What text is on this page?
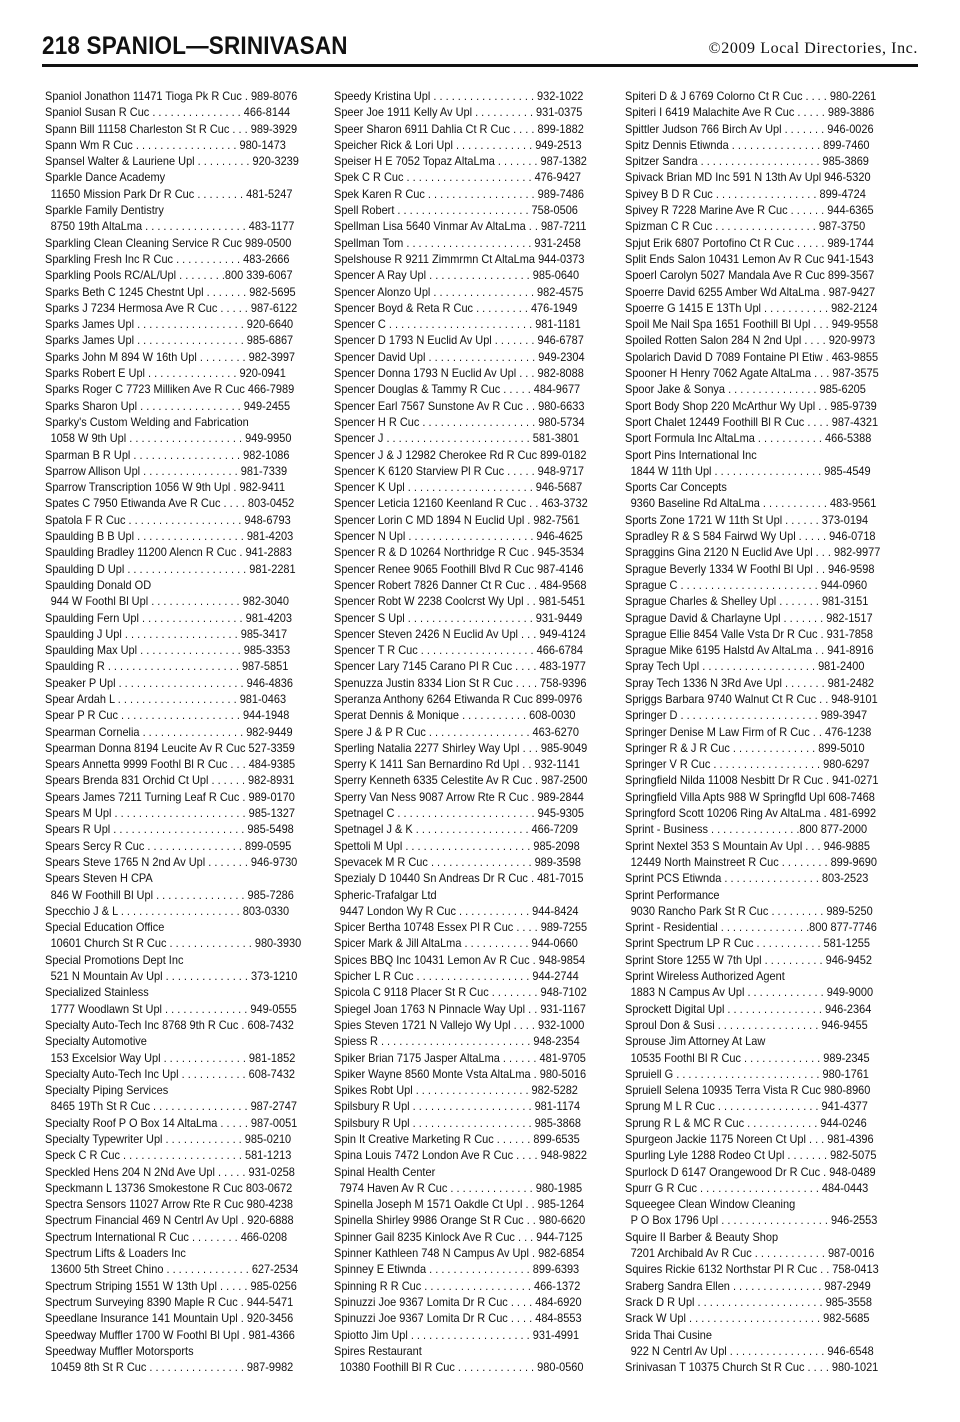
218 SPANIOL—SRINIVASAN	©2009 Local Directories, Inc.
Spaniol Jonathon 11471 Tioga Pk R Cuc . 989-8076
Spaniol Susan R Cuc . . . . . . . . . . . . . . . 466-8144
Spann Bill 11158 Charleston St R Cuc . . . 989-3929
Spann Wm R Cuc . . . . . . . . . . . . . . . . . 980-1473
Spansel Walter & Lauriene Upl . . . . . . . . . 920-3239
Sparkle Dance Academy
11650 Mission Park Dr R Cuc . . . . . . . . 481-5247
Sparkle Family Dentistry
8750 19th AltaLma . . . . . . . . . . . . . . . . . 483-1177
Sparkling Clean Cleaning Service R Cuc 989-0500
Sparkling Fresh Inc R Cuc . . . . . . . . . . . 483-2666
Sparkling Pools RC/AL/Upl . . . . . . . .800 339-6067
Sparks Beth C 1245 Chestnt Upl . . . . . . . 982-5695
Sparks J 7234 Hermosa Ave R Cuc . . . . . 987-6122
Sparks James Upl . . . . . . . . . . . . . . . . . . 920-6640
Sparks James Upl . . . . . . . . . . . . . . . . . . 985-6867
Sparks John M 894 W 16th Upl . . . . . . . . 982-3997
Sparks Robert E Upl . . . . . . . . . . . . . . . 920-0941
Sparks Roger C 7723 Milliken Ave R Cuc 466-7989
Sparks Sharon Upl . . . . . . . . . . . . . . . . . 949-2455
Sparky's Custom Welding and Fabrication
1058 W 9th Upl . . . . . . . . . . . . . . . . . . . 949-9950
Sparman B R Upl . . . . . . . . . . . . . . . . . . 982-1086
Sparrow Allison Upl . . . . . . . . . . . . . . . . 981-7339
Sparrow Transcription 1056 W 9th Upl . 982-9411
Spates C 7950 Etiwanda Ave R Cuc . . . . 803-0452
Spatola F R Cuc . . . . . . . . . . . . . . . . . . . 948-6793
Spaulding B B Upl . . . . . . . . . . . . . . . . . . 981-4203
Spaulding Bradley 11200 Alencn R Cuc . 941-2883
Spaulding D Upl . . . . . . . . . . . . . . . . . . . . 981-2281
Spaulding Donald OD
944 W Foothl Bl Upl . . . . . . . . . . . . . . . 982-3040
Spaulding Fern Upl . . . . . . . . . . . . . . . . . 981-4203
Spaulding J Upl . . . . . . . . . . . . . . . . . . . 985-3417
Spaulding Max Upl . . . . . . . . . . . . . . . . . 985-3353
Spaulding R . . . . . . . . . . . . . . . . . . . . . . 987-5851
Speaker P Upl . . . . . . . . . . . . . . . . . . . . . 946-4836
Spear Ardah L . . . . . . . . . . . . . . . . . . . . 981-0463
Spear P R Cuc . . . . . . . . . . . . . . . . . . . . 944-1948
Spearman Cornelia . . . . . . . . . . . . . . . . . 982-9449
Spearman Donna 8194 Leucite Av R Cuc 527-3359
Spears Annetta 9999 Foothl Bl R Cuc . . . 484-9385
Spears Brenda 831 Orchid Ct Upl . . . . . . 982-8931
Spears James 7211 Turning Leaf R Cuc . 989-0170
Spears M Upl . . . . . . . . . . . . . . . . . . . . . . 985-1327
Spears R Upl . . . . . . . . . . . . . . . . . . . . . . 985-5498
Spears Sercy R Cuc . . . . . . . . . . . . . . . . 899-0595
Spears Steve 1765 N 2nd Av Upl . . . . . . . 946-9730
Spears Steven H CPA
846 W Foothill Bl Upl . . . . . . . . . . . . . . . 985-7286
Specchio J & L . . . . . . . . . . . . . . . . . . . . 803-0330
Special Education Office
10601 Church St R Cuc . . . . . . . . . . . . . . 980-3930
Special Promotions Dept Inc
521 N Mountain Av Upl . . . . . . . . . . . . . . 373-1210
Specialized Stainless
1777 Woodlawn St Upl . . . . . . . . . . . . . . 949-0555
Specialty Auto-Tech Inc 8768 9th R Cuc . 608-7432
Specialty Automotive
153 Excelsior Way Upl . . . . . . . . . . . . . . 981-1852
Specialty Auto-Tech Inc Upl . . . . . . . . . . . 608-7432
Specialty Piping Services
8465 19Th St R Cuc . . . . . . . . . . . . . . . . 987-2747
Specialty Roof P O Box 14 AltaLma . . . . . 987-0051
Specialty Typewriter Upl . . . . . . . . . . . . . 985-0210
Speck C R Cuc . . . . . . . . . . . . . . . . . . . . 581-1213
Speckled Hens 204 N 2Nd Ave Upl . . . . . 931-0258
Speckmann L 13736 Smokestone R Cuc 803-0672
Spectra Sensors 11027 Arrow Rte R Cuc 980-4238
Spectrum Financial 469 N Centrl Av Upl . 920-6888
Spectrum International R Cuc . . . . . . . . 466-0208
Spectrum Lifts & Loaders Inc
13600 5th Street Chino . . . . . . . . . . . . . . 627-2534
Spectrum Striping 1551 W 13th Upl . . . . . 985-0256
Spectrum Surveying 8390 Maple R Cuc . 944-5471
Speedlane Insurance 141 Mountain Upl . 920-3456
Speedway Muffler 1700 W Foothl Bl Upl . 981-4366
Speedway Muffler Motorsports
10459 8th St R Cuc . . . . . . . . . . . . . . . . 987-9982
Speedy Kristina Upl . . . . . . . . . . . . . . . . . 932-1022
Speer Joe 1911 Kelly Av Upl . . . . . . . . . . 931-0375
Speer Sharon 6911 Dahlia Ct R Cuc . . . . 899-1882
Speicher Rick & Lori Upl . . . . . . . . . . . . . 949-2513
Speiser H E 7052 Topaz AltaLma . . . . . . . 987-1382
Spek C R Cuc . . . . . . . . . . . . . . . . . . . . . 476-9427
Spek Karen R Cuc . . . . . . . . . . . . . . . . . . 989-7486
Spell Robert . . . . . . . . . . . . . . . . . . . . . . 758-0506
Spellman Lisa 5640 Vinmar Av AltaLma . . 987-7211
Spellman Tom . . . . . . . . . . . . . . . . . . . . . 931-2458
Spelshouse R 9211 Zimmrmn Ct AltaLma 944-0373
Spencer A Ray Upl . . . . . . . . . . . . . . . . . 985-0640
Spencer Alonzo Upl . . . . . . . . . . . . . . . . . 982-4575
Spencer Boyd & Reta R Cuc . . . . . . . . . 476-1949
Spencer C . . . . . . . . . . . . . . . . . . . . . . . . 981-1181
Spencer D 1793 N Euclid Av Upl . . . . . . . 946-6787
Spencer David Upl . . . . . . . . . . . . . . . . . . 949-2304
Spencer Donna 1793 N Euclid Av Upl . . . 982-8088
Spencer Douglas & Tammy R Cuc . . . . . 484-9677
Spencer Earl 7567 Sunstone Av R Cuc . . 980-6633
Spencer H R Cuc . . . . . . . . . . . . . . . . . . . 980-5734
Spencer J . . . . . . . . . . . . . . . . . . . . . . . . 581-3801
Spencer J & J 12982 Cherokee Rd R Cuc 899-0182
Spencer K 6120 Starview Pl R Cuc . . . . . 948-9717
Spencer K Upl . . . . . . . . . . . . . . . . . . . . . 946-5687
Spencer Leticia 12160 Keenland R Cuc . . 463-3732
Spencer Lorin C MD 1894 N Euclid Upl . 982-7561
Spencer N Upl . . . . . . . . . . . . . . . . . . . . . 946-4625
Spencer R & D 10264 Northridge R Cuc . 945-3534
Spencer Renee 9065 Foothill Blvd R Cuc 987-4146
Spencer Robert 7826 Danner Ct R Cuc . . 484-9568
Spencer Robt W 2238 Coolcrst Wy Upl . . 981-5451
Spencer S Upl . . . . . . . . . . . . . . . . . . . . . 931-9449
Spencer Steven 2426 N Euclid Av Upl . . . 949-4124
Spencer T R Cuc . . . . . . . . . . . . . . . . . . . 466-6784
Spencer Lary 7145 Carano Pl R Cuc . . . . 483-1977
Spenuzza Justin 8334 Lion St R Cuc . . . . 758-9396
Speranza Anthony 6264 Etiwanda R Cuc 899-0976
Sperat Dennis & Monique . . . . . . . . . . . 608-0030
Spere J & P R Cuc . . . . . . . . . . . . . . . . . 463-6270
Sperling Natalia 2277 Shirley Way Upl . . . 985-9049
Sperry K 1411 San Bernardino Rd Upl . . 932-1141
Sperry Kenneth 6335 Celestite Av R Cuc . 987-2500
Sperry Van Ness 9087 Arrow Rte R Cuc . 989-2844
Spetnagel C . . . . . . . . . . . . . . . . . . . . . . . 945-9305
Spetnagel J & K . . . . . . . . . . . . . . . . . . . 466-7209
Spettoli M Upl . . . . . . . . . . . . . . . . . . . . . 985-2098
Spevacek M R Cuc . . . . . . . . . . . . . . . . . 989-3598
Spezialy D 10440 Sn Andreas Dr R Cuc . 481-7015
Spheric-Trafalgar Ltd
9447 London Wy R Cuc . . . . . . . . . . . . 944-8424
Spicer Bertha 10748 Essex Pl R Cuc . . . . 989-7255
Spicer Mark & Jill AltaLma . . . . . . . . . . . 944-0660
Spices BBQ Inc 10431 Lemon Av R Cuc . 948-9854
Spicher L R Cuc . . . . . . . . . . . . . . . . . . . 944-2744
Spicola C 9118 Placer St R Cuc . . . . . . . . 948-7102
Spiegel Joan 1763 N Pinnacle Way Upl . . 931-1167
Spies Steven 1721 N Vallejo Wy Upl . . . . 932-1000
Spiess R . . . . . . . . . . . . . . . . . . . . . . . . . 948-2354
Spiker Brian 7175 Jasper AltaLma . . . . . . 481-9705
Spiker Wayne 8560 Monte Vsta AltaLma . 980-5016
Spikes Robt Upl . . . . . . . . . . . . . . . . . . . 982-5282
Spilsbury R Upl . . . . . . . . . . . . . . . . . . . . 981-1174
Spilsbury R Upl . . . . . . . . . . . . . . . . . . . . 985-3868
Spin It Creative Marketing R Cuc . . . . . . 899-6535
Spina Louis 7472 London Ave R Cuc . . . . 948-9822
Spinal Health Center
7974 Haven Av R Cuc . . . . . . . . . . . . . . 980-1985
Spinella Joseph M 1571 Oakdle Ct Upl . . 985-1264
Spinella Shirley 9986 Orange St R Cuc . . 980-6620
Spinner Gail 8235 Kinlock Ave R Cuc . . . 944-7125
Spinner Kathleen 748 N Campus Av Upl . 982-6854
Spinney E Etiwnda . . . . . . . . . . . . . . . . . 899-6393
Spinning R R Cuc . . . . . . . . . . . . . . . . . . 466-1372
Spinuzzi Joe 9367 Lomita Dr R Cuc . . . . 484-6920
Spinuzzi Joe 9367 Lomita Dr R Cuc . . . . 484-8553
Spiotto Jim Upl . . . . . . . . . . . . . . . . . . . . 931-4991
Spires Restaurant
10380 Foothill Bl R Cuc . . . . . . . . . . . . . 980-0560
Spiteri D & J 6769 Colorno Ct R Cuc . . . . 980-2261
Spiteri I 6419 Malachite Ave R Cuc . . . . . 989-3886
Spittler Judson 766 Birch Av Upl . . . . . . . 946-0026
Spitz Dennis Etiwnda . . . . . . . . . . . . . . . 899-7460
Spitzer Sandra . . . . . . . . . . . . . . . . . . . . 985-3869
Spivack Brian MD Inc 591 N 13th Av Upl 946-5320
Spivey B D R Cuc . . . . . . . . . . . . . . . . . 899-4724
Spivey R 7228 Marine Ave R Cuc . . . . . . 944-6365
Spizman C R Cuc . . . . . . . . . . . . . . . . . 987-3750
Spjut Erik 6807 Portofino Ct R Cuc . . . . . 989-1744
Split Ends Salon 10431 Lemon Av R Cuc 941-1543
Spoerl Carolyn 5027 Mandala Ave R Cuc 899-3567
Spoerre David 6255 Amber Wd AltaLma . 987-9427
Spoerre G 1415 E 13Th Upl . . . . . . . . . . . 982-2124
Spoil Me Nail Spa 1651 Foothill Bl Upl . . . 949-9558
Spoiled Rotten Salon 284 N 2nd Upl . . . . 920-9973
Spolarich David D 7089 Fontaine Pl Etiw . 463-9855
Spooner H Henry 7062 Agate AltaLma . . . 987-3575
Spoor Jake & Sonya . . . . . . . . . . . . . . . 985-6205
Sport Body Shop 220 McArthur Wy Upl . . 985-9739
Sport Chalet 12449 Foothill Bl R Cuc . . . . 987-4321
Sport Formula Inc AltaLma . . . . . . . . . . . 466-5388
Sport Pins International Inc
1844 W 11th Upl . . . . . . . . . . . . . . . . . . 985-4549
Sports Car Concepts
9360 Baseline Rd AltaLma . . . . . . . . . . . 483-9561
Sports Zone 1721 W 11th St Upl . . . . . . 373-0194
Spradley R & S 584 Fairwd Wy Upl . . . . . 946-0718
Spraggins Gina 2120 N Euclid Ave Upl . . . 982-9977
Sprague Beverly 1334 W Foothl Bl Upl . . 946-9598
Sprague C . . . . . . . . . . . . . . . . . . . . . . . 944-0960
Sprague Charles & Shelley Upl . . . . . . . 981-3151
Sprague David & Charlayne Upl . . . . . . . 982-1517
Sprague Ellie 8454 Valle Vsta Dr R Cuc . 931-7858
Sprague Mike 6195 Halstd Av AltaLma . . 941-8916
Spray Tech Upl . . . . . . . . . . . . . . . . . . . 981-2400
Spray Tech 1336 N 3Rd Ave Upl . . . . . . . 981-2482
Spriggs Barbara 9740 Walnut Ct R Cuc . . 948-9101
Springer D . . . . . . . . . . . . . . . . . . . . . . . 989-3947
Springer Denise M Law Firm of R Cuc . . 476-1238
Springer R & J R Cuc . . . . . . . . . . . . . . 899-5010
Springer V R Cuc . . . . . . . . . . . . . . . . . . 980-6297
Springfield Nilda 11008 Nesbitt Dr R Cuc . 941-0271
Springfield Villa Apts 988 W Springfld Upl 608-7468
Springford Scott 10206 Ring Av AltaLma . 481-6992
Sprint - Business . . . . . . . . . . . . . . .800 877-2000
Sprint Nextel 353 S Mountain Av Upl . . . 946-9885
12449 North Mainstreet R Cuc . . . . . . . . 899-9690
Sprint PCS Etiwnda . . . . . . . . . . . . . . . . 803-2523
Sprint Performance
9030 Rancho Park St R Cuc . . . . . . . . . 989-5250
Sprint - Residential . . . . . . . . . . . . . . .800 877-7746
Sprint Spectrum LP R Cuc . . . . . . . . . . . 581-1255
Sprint Store 1255 W 7th Upl . . . . . . . . . . 946-9452
Sprint Wireless Authorized Agent
1883 N Campus Av Upl . . . . . . . . . . . . . 949-9000
Sprockett Digital Upl . . . . . . . . . . . . . . . . 946-2364
Sproul Don & Susi . . . . . . . . . . . . . . . . . 946-9455
Sprouse Jim Attorney At Law
10535 Foothl Bl R Cuc . . . . . . . . . . . . . 989-2345
Spruiell G . . . . . . . . . . . . . . . . . . . . . . . . 980-1761
Spruiell Selena 10935 Terra Vista R Cuc 980-8960
Sprung M L R Cuc . . . . . . . . . . . . . . . . . 941-4377
Sprung R L & MC R Cuc . . . . . . . . . . . . 944-0246
Spurgeon Jackie 1175 Noreen Ct Upl . . . 981-4396
Spurling Lyle 1288 Rodeo Ct Upl . . . . . . . 982-5075
Spurlock D 6147 Orangewood Dr R Cuc . 948-0489
Spurr G R Cuc . . . . . . . . . . . . . . . . . . . . 484-0443
Squeegee Clean Window Cleaning
P O Box 1796 Upl . . . . . . . . . . . . . . . . . . 946-2553
Squire II Barber & Beauty Shop
7201 Archibald Av R Cuc . . . . . . . . . . . . 987-0016
Squires Rickie 6132 Northstar Pl R Cuc . . 758-0413
Sraberg Sandra Ellen . . . . . . . . . . . . . . . 987-2949
Srack D R Upl . . . . . . . . . . . . . . . . . . . . . 985-3558
Srack W Upl . . . . . . . . . . . . . . . . . . . . . . 982-5685
Srida Thai Cusine
922 N Centrl Av Upl . . . . . . . . . . . . . . . . 946-6548
Srinivasan T 10375 Church St R Cuc . . . . 980-1021
